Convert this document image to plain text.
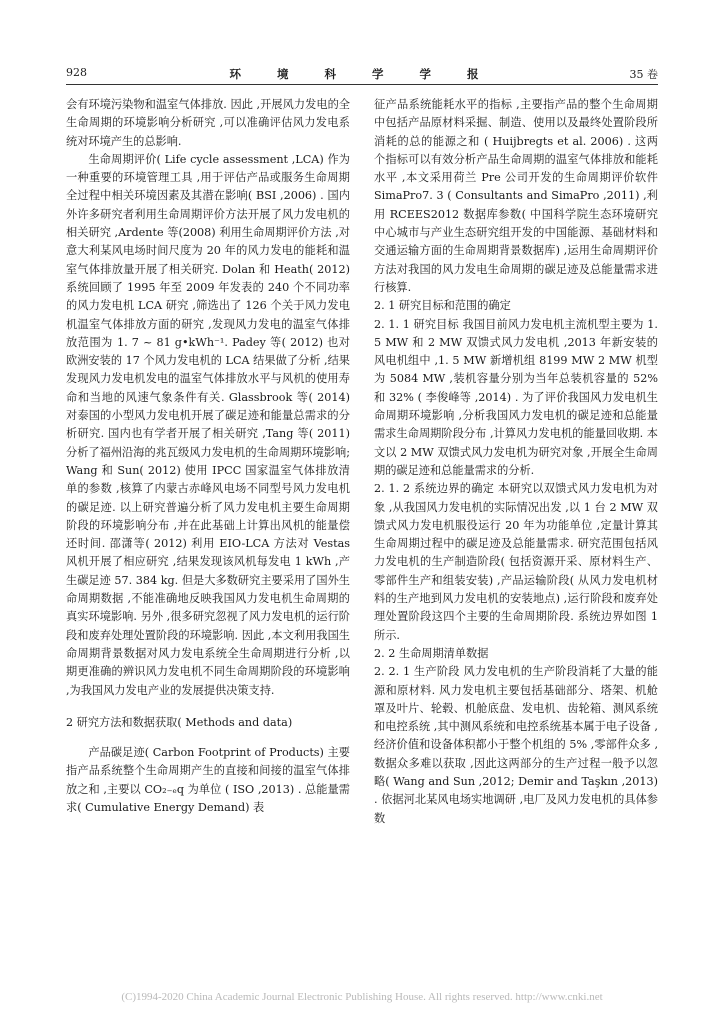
928	环 境 科 学 学 报	35 卷

会有环境污染物和温室气体排放. 因此 ,开展风力发电的全生命周期的环境影响分析研究 ,可以准确评估风力发电系统对环境产生的总影响.

生命周期评价( Life cycle assessment ,LCA) 作为一种重要的环境管理工具 ,用于评估产品或服务生命周期全过程中相关环境因素及其潜在影响( BSI ,2006) . 国内外许多研究者利用生命周期评价方法开展了风力发电机的相关研究 ,Ardente 等(2008) 利用生命周期评价方法 ,对意大利某风电场时间尺度为 20 年的风力发电的能耗和温室气体排放量开展了相关研究. Dolan 和 Heath( 2012) 系统回顾了 1995 年至 2009 年发表的 240 个不同功率的风力发电机 LCA 研究 ,筛选出了 126 个关于风力发电机温室气体排放方面的研究 ,发现风力发电的温室气体排放范围为 1. 7 ~ 81 g•kWh⁻¹. Padey 等( 2012) 也对欧洲安装的 17 个风力发电机的 LCA 结果做了分析 ,结果发现风力发电机发电的温室气体排放水平与风机的使用寿命和当地的风速气象条件有关. Glassbrook 等( 2014) 对泰国的小型风力发电机开展了碳足迹和能量总需求的分析研究. 国内也有学者开展了相关研究 ,Tang 等( 2011) 分析了福州沿海的兆瓦级风力发电机的生命周期环境影响; Wang 和 Sun( 2012) 使用 IPCC 国家温室气体排放清单的参数 ,核算了内蒙古赤峰风电场不同型号风力发电机的碳足迹. 以上研究普遍分析了风力发电机主要生命周期阶段的环境影响分布 ,并在此基础上计算出风机的能量偿还时间. 邵潇等( 2012) 利用 EIO-LCA 方法对 Vestas 风机开展了相应研究 ,结果发现该风机每发电 1 kWh ,产生碳足迹 57. 384 kg. 但是大多数研究主要采用了国外生命周期数据 ,不能准确地反映我国风力发电机生命周期的真实环境影响. 另外 ,很多研究忽视了风力发电机的运行阶段和废弃处理处置阶段的环境影响. 因此 ,本文利用我国生命周期背景数据对风力发电系统全生命周期进行分析 ,以期更准确的辨识风力发电机不同生命周期阶段的环境影响 ,为我国风力发电产业的发展提供决策支持.

2 研究方法和数据获取( Methods and data)

产品碳足迹( Carbon Footprint of Products) 主要指产品系统整个生命周期产生的直接和间接的温室气体排放之和 ,主要以 CO₂₋ₑq 为单位 ( ISO ,2013) . 总能量需求( Cumulative Energy Demand) 表

征产品系统能耗水平的指标 ,主要指产品的整个生命周期中包括产品原材料采掘、制造、使用以及最终处置阶段所消耗的总的能源之和 ( Huijbregts et al. 2006) . 这两个指标可以有效分析产品生命周期的温室气体排放和能耗水平 ,本文采用荷兰 Pre 公司开发的生命周期评价软件 SimaPro7. 3 ( Consultants and SimaPro ,2011) ,利用 RCEES2012 数据库参数( 中国科学院生态环境研究中心城市与产业生态研究组开发的中国能源、基础材料和交通运输方面的生命周期背景数据库) ,运用生命周期评价方法对我国的风力发电生命周期的碳足迹及总能量需求进行核算.

2. 1 研究目标和范围的确定

2. 1. 1 研究目标 我国目前风力发电机主流机型主要为 1. 5 MW 和 2 MW 双馈式风力发电机 ,2013 年新安装的风电机组中 ,1. 5 MW 新增机组 8199 MW 2 MW 机型为 5084 MW ,装机容量分别为当年总装机容量的 52% 和 32% ( 李俊峰等 ,2014) . 为了评价我国风力发电机生命周期环境影响 ,分析我国风力发电机的碳足迹和总能量需求生命周期阶段分布 ,计算风力发电机的能量回收期. 本文以 2 MW 双馈式风力发电机为研究对象 ,开展全生命周期的碳足迹和总能量需求的分析.

2. 1. 2 系统边界的确定 本研究以双馈式风力发电机为对象 ,从我国风力发电机的实际情况出发 ,以 1 台 2 MW 双馈式风力发电机服役运行 20 年为功能单位 ,定量计算其生命周期过程中的碳足迹及总能量需求. 研究范围包括风力发电机的生产制造阶段( 包括资源开采、原材料生产、零部件生产和组装安装) ,产品运输阶段( 从风力发电机材料的生产地到风力发电机的安装地点) ,运行阶段和废弃处理处置阶段这四个主要的生命周期阶段. 系统边界如图 1 所示.

2. 2 生命周期清单数据

2. 2. 1 生产阶段 风力发电机的生产阶段消耗了大量的能源和原材料. 风力发电机主要包括基础部分、塔架、机舱罩及叶片、轮毂、机舱底盘、发电机、齿轮箱、测风系统和电控系统 ,其中测风系统和电控系统基本属于电子设备 ,经济价值和设备体积都小于整个机组的 5% ,零部件众多 ,数据众多难以获取 ,因此这两部分的生产过程一般予以忽略( Wang and Sun ,2012; Demir and Taşkın ,2013) . 依据河北某风电场实地调研 ,电厂及风力发电机的具体参数

(C)1994-2020 China Academic Journal Electronic Publishing House. All rights reserved. http://www.cnki.net
